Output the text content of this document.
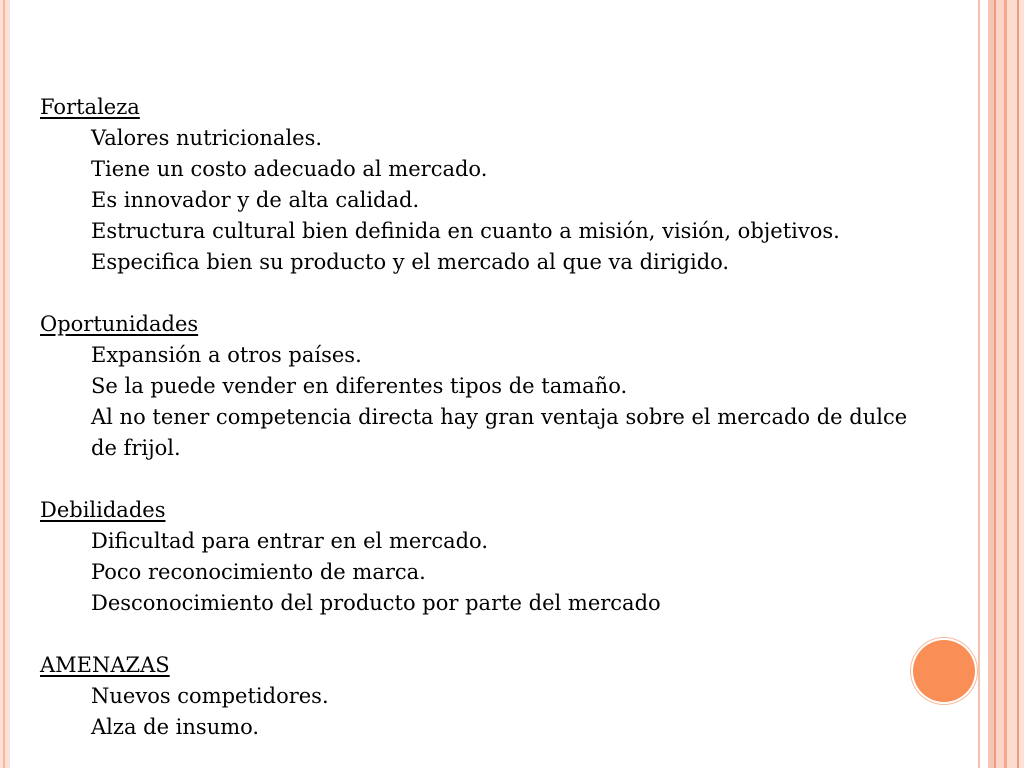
Fortaleza
Valores nutricionales.
Tiene un costo adecuado al mercado.
Es innovador y de alta calidad.
Estructura cultural bien definida en cuanto a misión, visión, objetivos.
Especifica bien su producto y el mercado al que va dirigido.
Oportunidades
Expansión a otros países.
Se la puede vender en diferentes tipos de tamaño.
Al no tener competencia directa hay gran ventaja sobre el mercado de dulce de frijol.
Debilidades
Dificultad para entrar en el mercado.
Poco reconocimiento de marca.
Desconocimiento del producto por parte del mercado
AMENAZAS
Nuevos competidores.
Alza de insumo.
